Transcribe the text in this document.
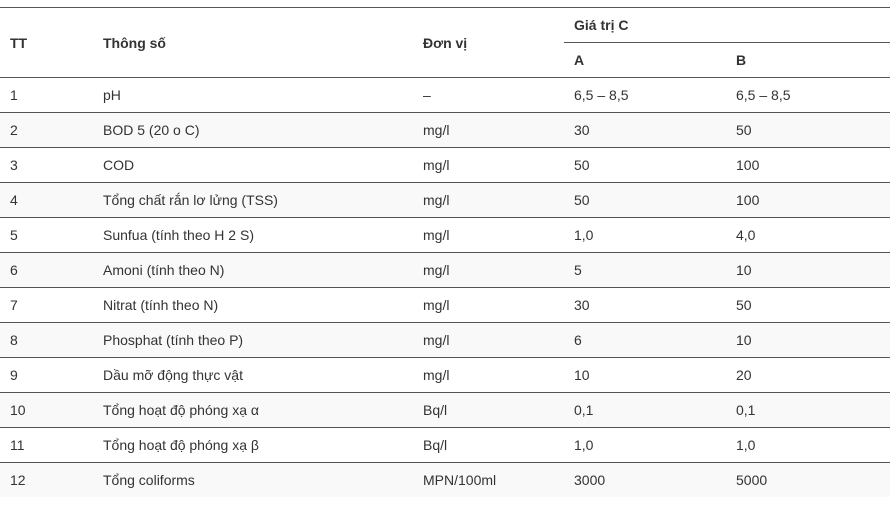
TT	Thông số	Đơn vị	Giá trị C	
			A	B
1	pH	–	6,5 – 8,5	6,5 – 8,5
2	BOD 5 (20 o C)	mg/l	30	50
3	COD	mg/l	50	100
4	Tổng chất rắn lơ lửng (TSS)	mg/l	50	100
5	Sunfua (tính theo H 2 S)	mg/l	1,0	4,0
6	Amoni (tính theo N)	mg/l	5	10
7	Nitrat (tính theo N)	mg/l	30	50
8	Phosphat (tính theo P)	mg/l	6	10
9	Dầu mỡ động thực vật	mg/l	10	20
10	Tổng hoạt độ phóng xạ α	Bq/l	0,1	0,1
11	Tổng hoạt độ phóng xạ β	Bq/l	1,0	1,0
12	Tổng coliforms	MPN/100ml	3000	5000
